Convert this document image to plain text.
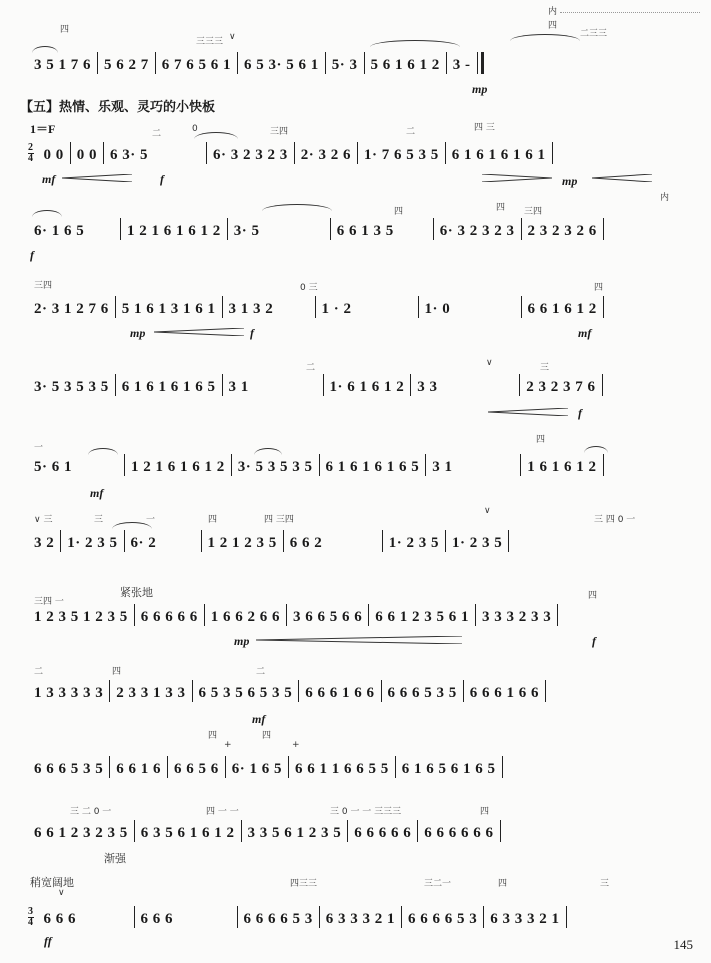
内
3 5 1 7 6 5 6 2 7 6 7 6 5 6 1 6 5 3· 5 6 1 5· 3 5 6 1 6 1 2 3 -
四
三三三 ∨
四
二三三
mp
【五】热情、乐观、灵巧的小快板
1＝F
2
4 0 0 0 0 6 3· 5	6· 3 2 3 2 3 2· 3 2 6 1· 7 6 5 3 5 6 1 6 1 6 1 6 1
二	0	三四	二	四 三
mf	f	mp
6· 1 6 5	1 2 1 6 1 6 1 2 3· 5	6 6 1 3 5	6· 3 2 3 2 3 2 3 2 3 2 6
f
四	四 三四
内
2· 3 1 2 7 6 5 1 6 1 3 1 6 1 3 1 3 2	1 · 2	1· 0	6 6 1 6 1 2
三四	0 三	四
mp	f	mf
3· 5 3 5 3 5 6 1 6 1 6 1 6 5 3 1	1· 6 1 6 1 2 3 3	2 3 2 3 7 6
二	∨	三
f
5· 6 1	1 2 1 6 1 6 1 2 3· 5 3 5 3 5 6 1 6 1 6 1 6 5 3 1	1 6 1 6 1 2
一
四
mf
3 2 1· 2 3 5 6· 2	1 2 1 2 3 5 6 6 2	1· 2 3 5 1· 2 3 5
∨ 三	三	一	四	四 三四
∨
三 四 0 一
紧张地
1 2 3 5 1 2 3 5 6 6 6 6 6 1 6 6 2 6 6 3 6 6 5 6 6 6 6 1 2 3 5 6 1 3 3 3 2 3 3
三四 一
四
mp	f
1 3 3 3 3 3 2 3 3 1 3 3 6 5 3 5 6 5 3 5 6 6 6 1 6 6 6 6 6 5 3 5 6 6 6 1 6 6
二	四	二
mf
6 6 6 5 3 5 6 6 1 6 6 6 5 6 6· 1 6 5 6 6 1 1 6 6 5 5 6 1 6 5 6 1 6 5
四
+
四
+
6 6 1 2 3 2 3 5 6 3 5 6 1 6 1 2 3 3 5 6 1 2 3 5 6 6 6 6 6 6 6 6 6 6 6
三 二 0 一	四 一 一	三 0 一 一 三三三	四
渐强
稍宽阔地
3
4 6 6 6	6 6 6	6 6 6 6 5 3 6 3 3 3 2 1 6 6 6 6 5 3 6 3 3 3 2 1
∨
四三三	三二一	四	三
ff	145
